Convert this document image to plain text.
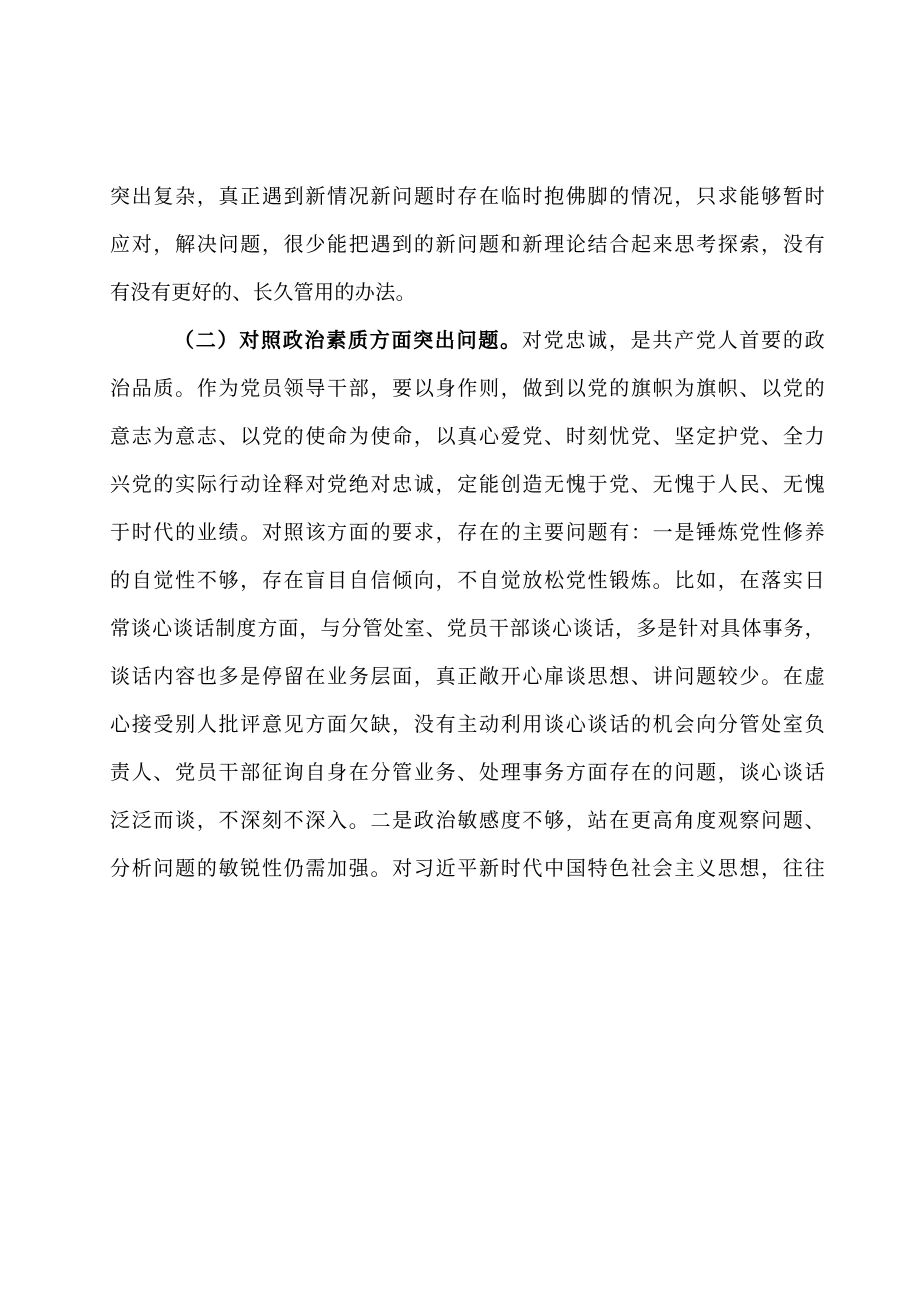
突出复杂，真正遇到新情况新问题时存在临时抱佛脚的情况，只求能够暂时
应对，解决问题，很少能把遇到的新问题和新理论结合起来思考探索，没有
有没有更好的、长久管用的办法。
（二）对照政治素质方面突出问题。对党忠诚，是共产党人首要的政
治品质。作为党员领导干部，要以身作则，做到以党的旗帜为旗帜、以党的
意志为意志、以党的使命为使命，以真心爱党、时刻忧党、坚定护党、全力
兴党的实际行动诠释对党绝对忠诚，定能创造无愧于党、无愧于人民、无愧
于时代的业绩。对照该方面的要求，存在的主要问题有：一是锤炼党性修养
的自觉性不够，存在盲目自信倾向，不自觉放松党性锻炼。比如，在落实日
常谈心谈话制度方面，与分管处室、党员干部谈心谈话，多是针对具体事务，
谈话内容也多是停留在业务层面，真正敞开心扉谈思想、讲问题较少。在虚
心接受别人批评意见方面欠缺，没有主动利用谈心谈话的机会向分管处室负
责人、党员干部征询自身在分管业务、处理事务方面存在的问题，谈心谈话
泛泛而谈，不深刻不深入。二是政治敏感度不够，站在更高角度观察问题、
分析问题的敏锐性仍需加强。对习近平新时代中国特色社会主义思想，往往
